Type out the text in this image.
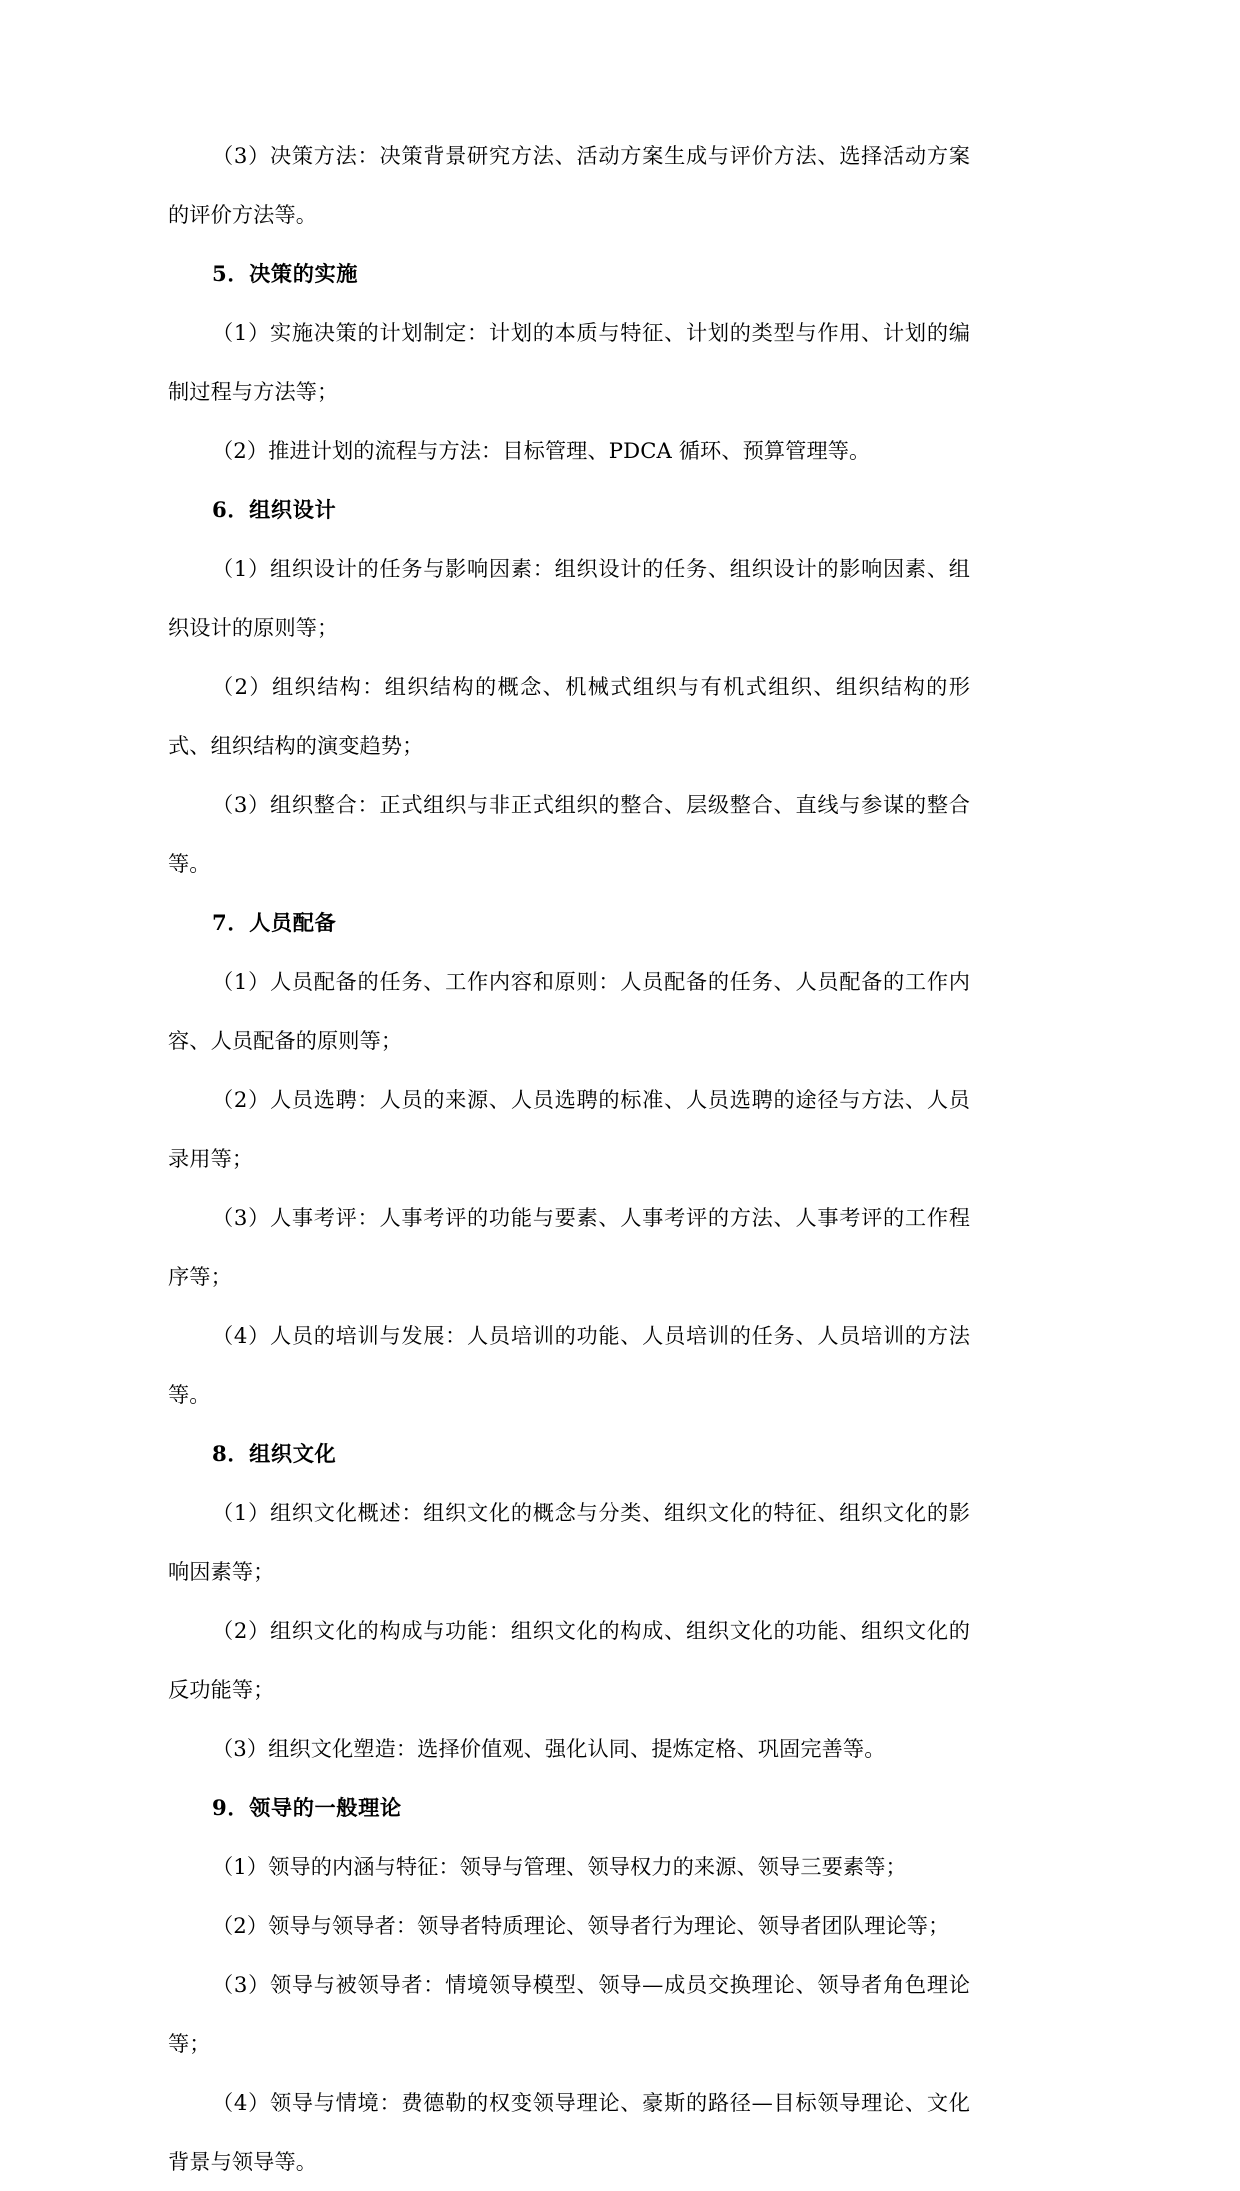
（3）决策方法：决策背景研究方法、活动方案生成与评价方法、选择活动方案的评价方法等。

5．决策的实施

（1）实施决策的计划制定：计划的本质与特征、计划的类型与作用、计划的编制过程与方法等；

（2）推进计划的流程与方法：目标管理、PDCA 循环、预算管理等。

6．组织设计

（1）组织设计的任务与影响因素：组织设计的任务、组织设计的影响因素、组织设计的原则等；

（2）组织结构：组织结构的概念、机械式组织与有机式组织、组织结构的形式、组织结构的演变趋势；

（3）组织整合：正式组织与非正式组织的整合、层级整合、直线与参谋的整合等。

7．人员配备

（1）人员配备的任务、工作内容和原则：人员配备的任务、人员配备的工作内容、人员配备的原则等；

（2）人员选聘：人员的来源、人员选聘的标准、人员选聘的途径与方法、人员录用等；

（3）人事考评：人事考评的功能与要素、人事考评的方法、人事考评的工作程序等；

（4）人员的培训与发展：人员培训的功能、人员培训的任务、人员培训的方法等。

8．组织文化

（1）组织文化概述：组织文化的概念与分类、组织文化的特征、组织文化的影响因素等；

（2）组织文化的构成与功能：组织文化的构成、组织文化的功能、组织文化的反功能等；

（3）组织文化塑造：选择价值观、强化认同、提炼定格、巩固完善等。

9．领导的一般理论

（1）领导的内涵与特征：领导与管理、领导权力的来源、领导三要素等；

（2）领导与领导者：领导者特质理论、领导者行为理论、领导者团队理论等；

（3）领导与被领导者：情境领导模型、领导—成员交换理论、领导者角色理论等；

（4）领导与情境：费德勒的权变领导理论、豪斯的路径—目标领导理论、文化背景与领导等。
